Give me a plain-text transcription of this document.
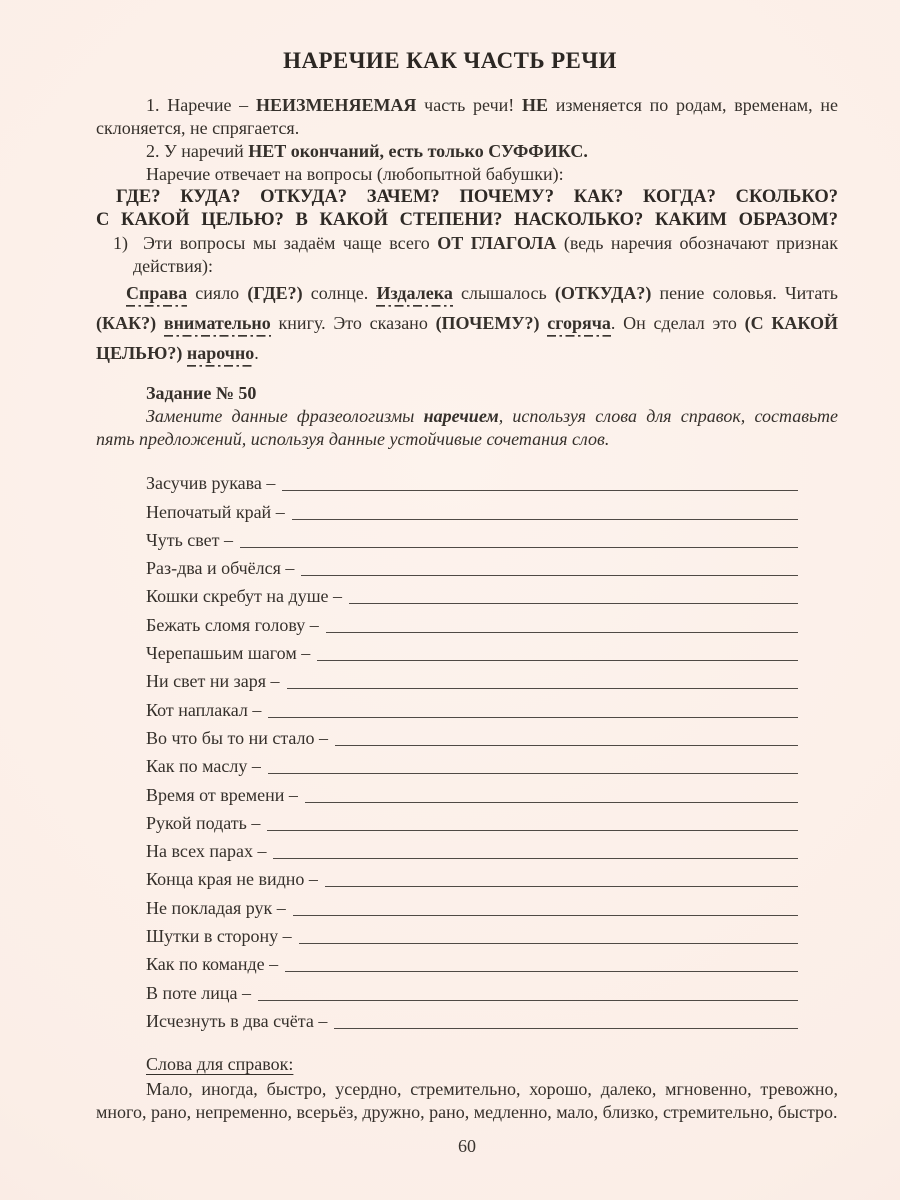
НАРЕЧИЕ КАК ЧАСТЬ РЕЧИ

1. Наречие – НЕИЗМЕНЯЕМАЯ часть речи! НЕ изменяется по родам, временам, не склоняется, не спрягается.

2. У наречий НЕТ окончаний, есть только СУФФИКС.

Наречие отвечает на вопросы (любопытной бабушки):

ГДЕ? КУДА? ОТКУДА? ЗАЧЕМ? ПОЧЕМУ? КАК? КОГДА? СКОЛЬКО?

С КАКОЙ ЦЕЛЬЮ? В КАКОЙ СТЕПЕНИ? НАСКОЛЬКО? КАКИМ ОБРАЗОМ?

1)  Эти вопросы мы задаём чаще всего ОТ ГЛАГОЛА (ведь наречия обозначают признак действия):

Справа сияло (ГДЕ?) солнце. Издалека слышалось (ОТКУДА?) пение соловья. Читать (КАК?) внимательно книгу. Это сказано (ПОЧЕМУ?) сгоряча. Он сделал это (С КАКОЙ ЦЕЛЬЮ?) нарочно.

Задание № 50

Замените данные фразеологизмы наречием, используя слова для справок, составьте пять предложений, используя данные устойчивые сочетания слов.

Засучив рукава –
Непочатый край –
Чуть свет –
Раз-два и обчёлся –
Кошки скребут на душе –
Бежать сломя голову –
Черепашьим шагом –
Ни свет ни заря –
Кот наплакал –
Во что бы то ни стало –
Как по маслу –
Время от времени –
Рукой подать –
На всех парах –
Конца края не видно –
Не покладая рук –
Шутки в сторону –
Как по команде –
В поте лица –
Исчезнуть в два счёта –

Слова для справок:

Мало, иногда, быстро, усердно, стремительно, хорошо, далеко, мгновенно, тревожно, много, рано, непременно, всерьёз, дружно, рано, медленно, мало, близко, стремительно, быстро.

60
